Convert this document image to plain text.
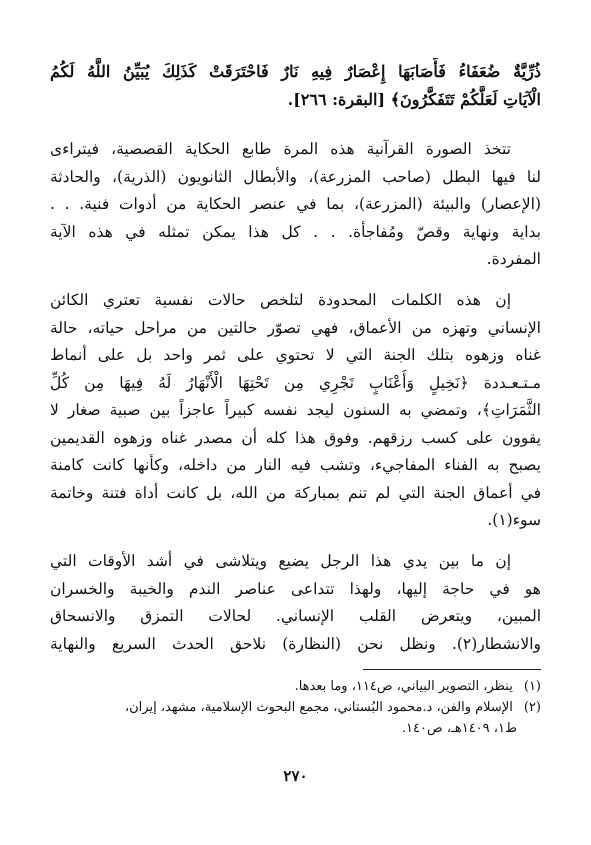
ذُرِّيَّةٌ ضُعَفَاءُ فَأَصَابَهَا إِعْصَارٌ فِيهِ نَارٌ فَاحْتَرَقَتْ كَذَلِكَ يُبَيِّنُ اللَّهُ لَكُمُ
الْآيَاتِ لَعَلَّكُمْ تَتَفَكَّرُونَ﴾ [البقرة: ٢٦٦].
تتخذ الصورة القرآنية هذه المرة طابع الحكاية القصصية، فيتراءى
لنا فيها البطل (صاحب المزرعة)، والأبطال الثانويون (الذرية)، والحادثة
(الإعصار) والبيئة (المزرعة)، بما في عنصر الحكاية من أدوات فنية. . .
بداية ونهاية وقصّ ومُفاجأة. . . كل هذا يمكن تمثله في هذه الآية
المفردة.
إن هذه الكلمات المحدودة لتلخص حالات نفسية تعتري الكائن
الإنساني وتهزه من الأعماق، فهي تصوّر حالتين من مراحل حياته، حالة
غناه وزهوه بتلك الجنة التي لا تحتوي على ثمر واحد بل على أنماط
مـتـعـددة ﴿نَخِيلٍ وَأَعْنَابٍ تَجْرِي مِن تَحْتِهَا الْأَنْهَارُ لَهُ فِيهَا مِن كُلِّ
الثَّمَرَاتِ﴾، وتمضي به السنون ليجد نفسه كبيراً عاجزاً بين صبية صغار لا
يقوون على كسب رزقهم. وفوق هذا كله أن مصدر غناه وزهوه القديمين
يصبح به الفناء المفاجيء، وتشب فيه النار من داخله، وكأنها كانت كامنة
في أعماق الجنة التي لم تنم بمباركة من الله، بل كانت أداة فتنة وخاتمة
سوء(١).
إن ما بين يدي هذا الرجل يضيع ويتلاشى في أشد الأوقات التي
هو في حاجة إليها، ولهذا تتداعى عناصر الندم والخيبة والخسران
المبين، ويتعرض القلب الإنساني. لحالات التمزق والانسحاق
والانشطار(٢). ونظل نحن (النظارة) نلاحق الحدث السريع والنهاية
(١) ينظر، التصوير البياني، ص١١٤، وما بعدها.
(٢) الإسلام والفن، د.محمود البُستاني، مجمع البحوث الإسلامية، مشهد، إيران،
ط١، ١٤٠٩هـ، ص١٤٠.
٢٧٠
